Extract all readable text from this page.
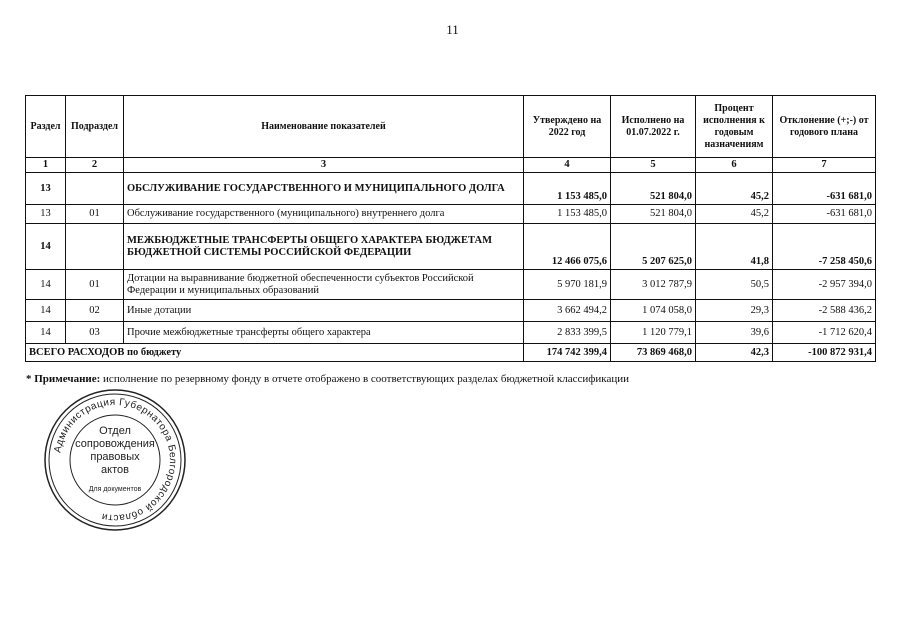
11
Раздел	Подраздел	Наименование показателей	Утверждено на 2022 год	Исполнено на 01.07.2022 г.	Процент исполнения к годовым назначениям	Отклонение (+;-) от годового плана
1	2	3	4	5	6	7
13		ОБСЛУЖИВАНИЕ ГОСУДАРСТВЕННОГО И МУНИЦИПАЛЬНОГО ДОЛГА	1 153 485,0	521 804,0	45,2	-631 681,0
13	01	Обслуживание государственного (муниципального) внутреннего долга	1 153 485,0	521 804,0	45,2	-631 681,0
14		МЕЖБЮДЖЕТНЫЕ ТРАНСФЕРТЫ ОБЩЕГО ХАРАКТЕРА БЮДЖЕТАМ БЮДЖЕТНОЙ СИСТЕМЫ РОССИЙСКОЙ ФЕДЕРАЦИИ	12 466 075,6	5 207 625,0	41,8	-7 258 450,6
14	01	Дотации на выравнивание бюджетной обеспеченности субъектов Российской Федерации и муниципальных образований	5 970 181,9	3 012 787,9	50,5	-2 957 394,0
14	02	Иные дотации	3 662 494,2	1 074 058,0	29,3	-2 588 436,2
14	03	Прочие межбюджетные трансферты общего характера	2 833 399,5	1 120 779,1	39,6	-1 712 620,4
ВСЕГО РАСХОДОВ по бюджету			174 742 399,4	73 869 468,0	42,3	-100 872 931,4
* Примечание: исполнение по резервному фонду в отчете отображено в соответствующих разделах бюджетной классификации
Администрация Губернатора Белгородской области
Отдел
сопровождения
правовых
актов
Для документов
